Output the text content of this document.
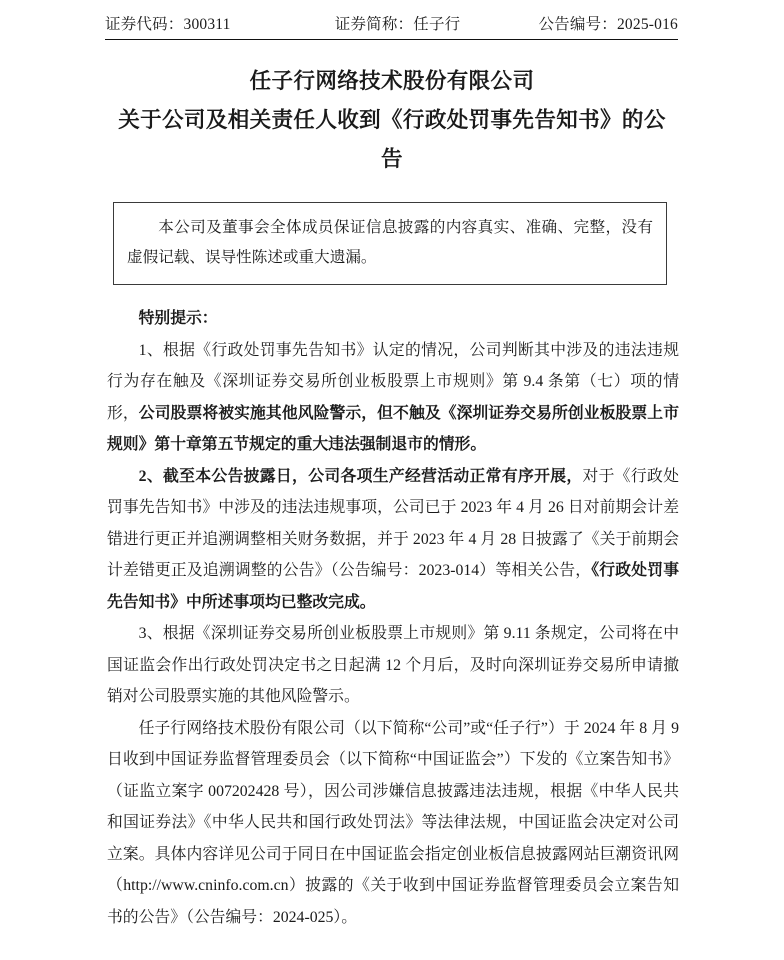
证券代码：300311	证券简称：任子行	公告编号：2025-016
任子行网络技术股份有限公司
关于公司及相关责任人收到《行政处罚事先告知书》的公
告

本公司及董事会全体成员保证信息披露的内容真实、准确、完整，没有虚假记载、误导性陈述或重大遗漏。

特别提示：

1、根据《行政处罚事先告知书》认定的情况，公司判断其中涉及的违法违规行为存在触及《深圳证券交易所创业板股票上市规则》第 9.4 条第（七）项的情形，公司股票将被实施其他风险警示，但不触及《深圳证券交易所创业板股票上市规则》第十章第五节规定的重大违法强制退市的情形。

2、截至本公告披露日，公司各项生产经营活动正常有序开展，对于《行政处罚事先告知书》中涉及的违法违规事项，公司已于 2023 年 4 月 26 日对前期会计差错进行更正并追溯调整相关财务数据，并于 2023 年 4 月 28 日披露了《关于前期会计差错更正及追溯调整的公告》（公告编号：2023-014）等相关公告，《行政处罚事先告知书》中所述事项均已整改完成。

3、根据《深圳证券交易所创业板股票上市规则》第 9.11 条规定，公司将在中国证监会作出行政处罚决定书之日起满 12 个月后，及时向深圳证券交易所申请撤销对公司股票实施的其他风险警示。

任子行网络技术股份有限公司（以下简称“公司”或“任子行”）于 2024 年 8 月 9 日收到中国证券监督管理委员会（以下简称“中国证监会”）下发的《立案告知书》（证监立案字 007202428 号），因公司涉嫌信息披露违法违规，根据《中华人民共和国证券法》《中华人民共和国行政处罚法》等法律法规，中国证监会决定对公司立案。具体内容详见公司于同日在中国证监会指定创业板信息披露网站巨潮资讯网（http://www.cninfo.com.cn）披露的《关于收到中国证券监督管理委员会立案告知书的公告》（公告编号：2024-025）。
